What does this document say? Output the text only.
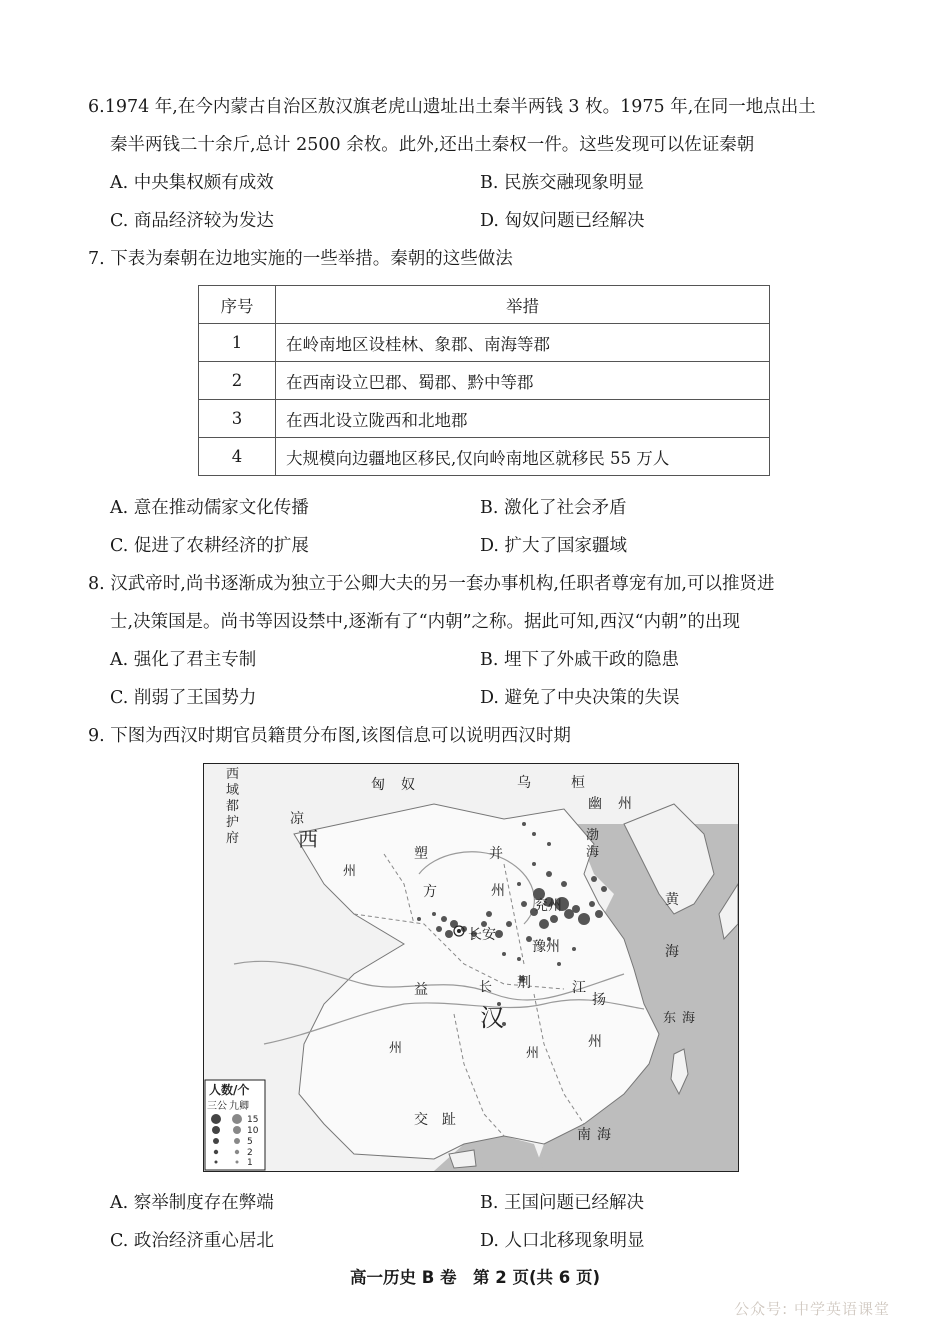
6.1974 年,在今内蒙古自治区敖汉旗老虎山遗址出土秦半两钱 3 枚。1975 年,在同一地点出土
秦半两钱二十余斤,总计 2500 余枚。此外,还出土秦权一件。这些发现可以佐证秦朝
A. 中央集权颇有成效	B. 民族交融现象明显
C. 商品经济较为发达	D. 匈奴问题已经解决
7. 下表为秦朝在边地实施的一些举措。秦朝的这些做法
序号	举措
1	在岭南地区设桂林、象郡、南海等郡
2	在西南设立巴郡、蜀郡、黔中等郡
3	在西北设立陇西和北地郡
4	大规模向边疆地区移民,仅向岭南地区就移民 55 万人
A. 意在推动儒家文化传播	B. 激化了社会矛盾
C. 促进了农耕经济的扩展	D. 扩大了国家疆域
8. 汉武帝时,尚书逐渐成为独立于公卿大夫的另一套办事机构,任职者尊宠有加,可以推贤进
士,决策国是。尚书等因设禁中,逐渐有了“内朝”之称。据此可知,西汉“内朝”的出现
A. 强化了君主专制	B. 埋下了外戚干政的隐患
C. 削弱了王国势力	D. 避免了中央决策的失误
9. 下图为西汉时期官员籍贯分布图,该图信息可以说明西汉时期
西
域
都
护
府
匈奴	乌桓
凉
西
州
幽州
渤
海
塑
方
并
州
兖州	黄
海
长安
豫州
益	长 荆	江
扬
州
东海
汉
州	州
交趾
南海
人数/个
三公 九卿
15
10
5
2
1
A. 察举制度存在弊端	B. 王国问题已经解决
C. 政治经济重心居北	D. 人口北移现象明显
高一历史 B 卷　第 2 页(共 6 页)
公众号: 中学英语课堂
